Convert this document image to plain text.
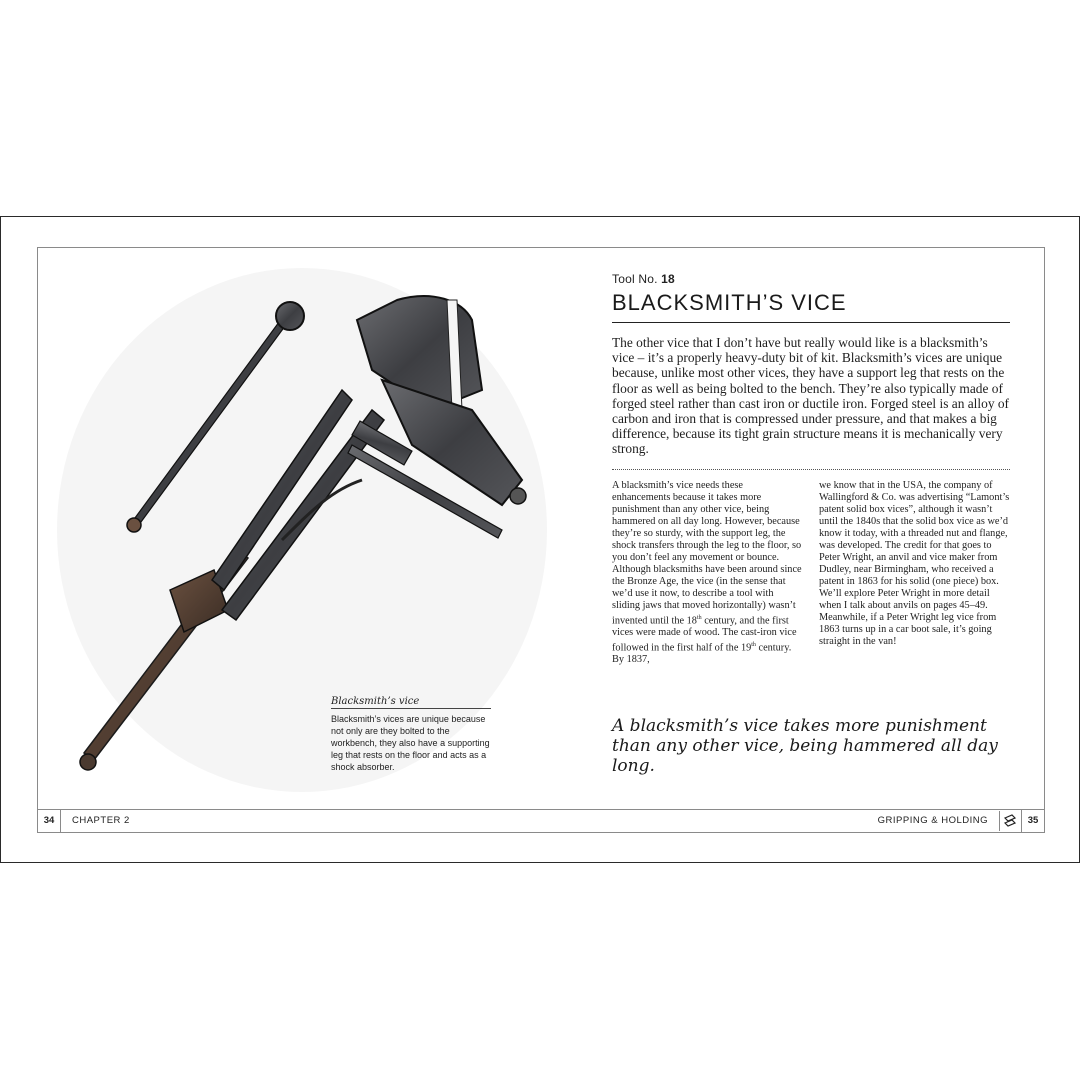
Blacksmith’s vice
Blacksmith’s vices are unique because not only are they bolted to the workbench, they also have a supporting leg that rests on the floor and acts as a shock absorber.
Tool No. 18
BLACKSMITH’S VICE
The other vice that I don’t have but really would like is a blacksmith’s vice – it’s a properly heavy-duty bit of kit. Blacksmith’s vices are unique because, unlike most other vices, they have a support leg that rests on the floor as well as being bolted to the bench. They’re also typically made of forged steel rather than cast iron or ductile iron. Forged steel is an alloy of carbon and iron that is compressed under pressure, and that makes a big difference, because its tight grain structure means it is mechanically very strong.
A blacksmith’s vice needs these enhancements because it takes more punishment than any other vice, being hammered on all day long. However, because they’re so sturdy, with the support leg, the shock transfers through the leg to the floor, so you don’t feel any movement or bounce. Although blacksmiths have been around since the Bronze Age, the vice (in the sense that we’d use it now, to describe a tool with sliding jaws that moved horizontally) wasn’t invented until the 18th century, and the first vices were made of wood. The cast-iron vice followed in the first half of the 19th century. By 1837,
we know that in the USA, the company of Wallingford & Co. was advertising “Lamont’s patent solid box vices”, although it wasn’t until the 1840s that the solid box vice as we’d know it today, with a threaded nut and flange, was developed. The credit for that goes to Peter Wright, an anvil and vice maker from Dudley, near Birmingham, who received a patent in 1863 for his solid (one piece) box. We’ll explore Peter Wright in more detail when I talk about anvils on pages 45–49. Meanwhile, if a Peter Wright leg vice from 1863 turns up in a car boot sale, it’s going straight in the van!
A blacksmith’s vice takes more punishment than any other vice, being hammered all day long.
34	CHAPTER 2	GRIPPING & HOLDING	35
